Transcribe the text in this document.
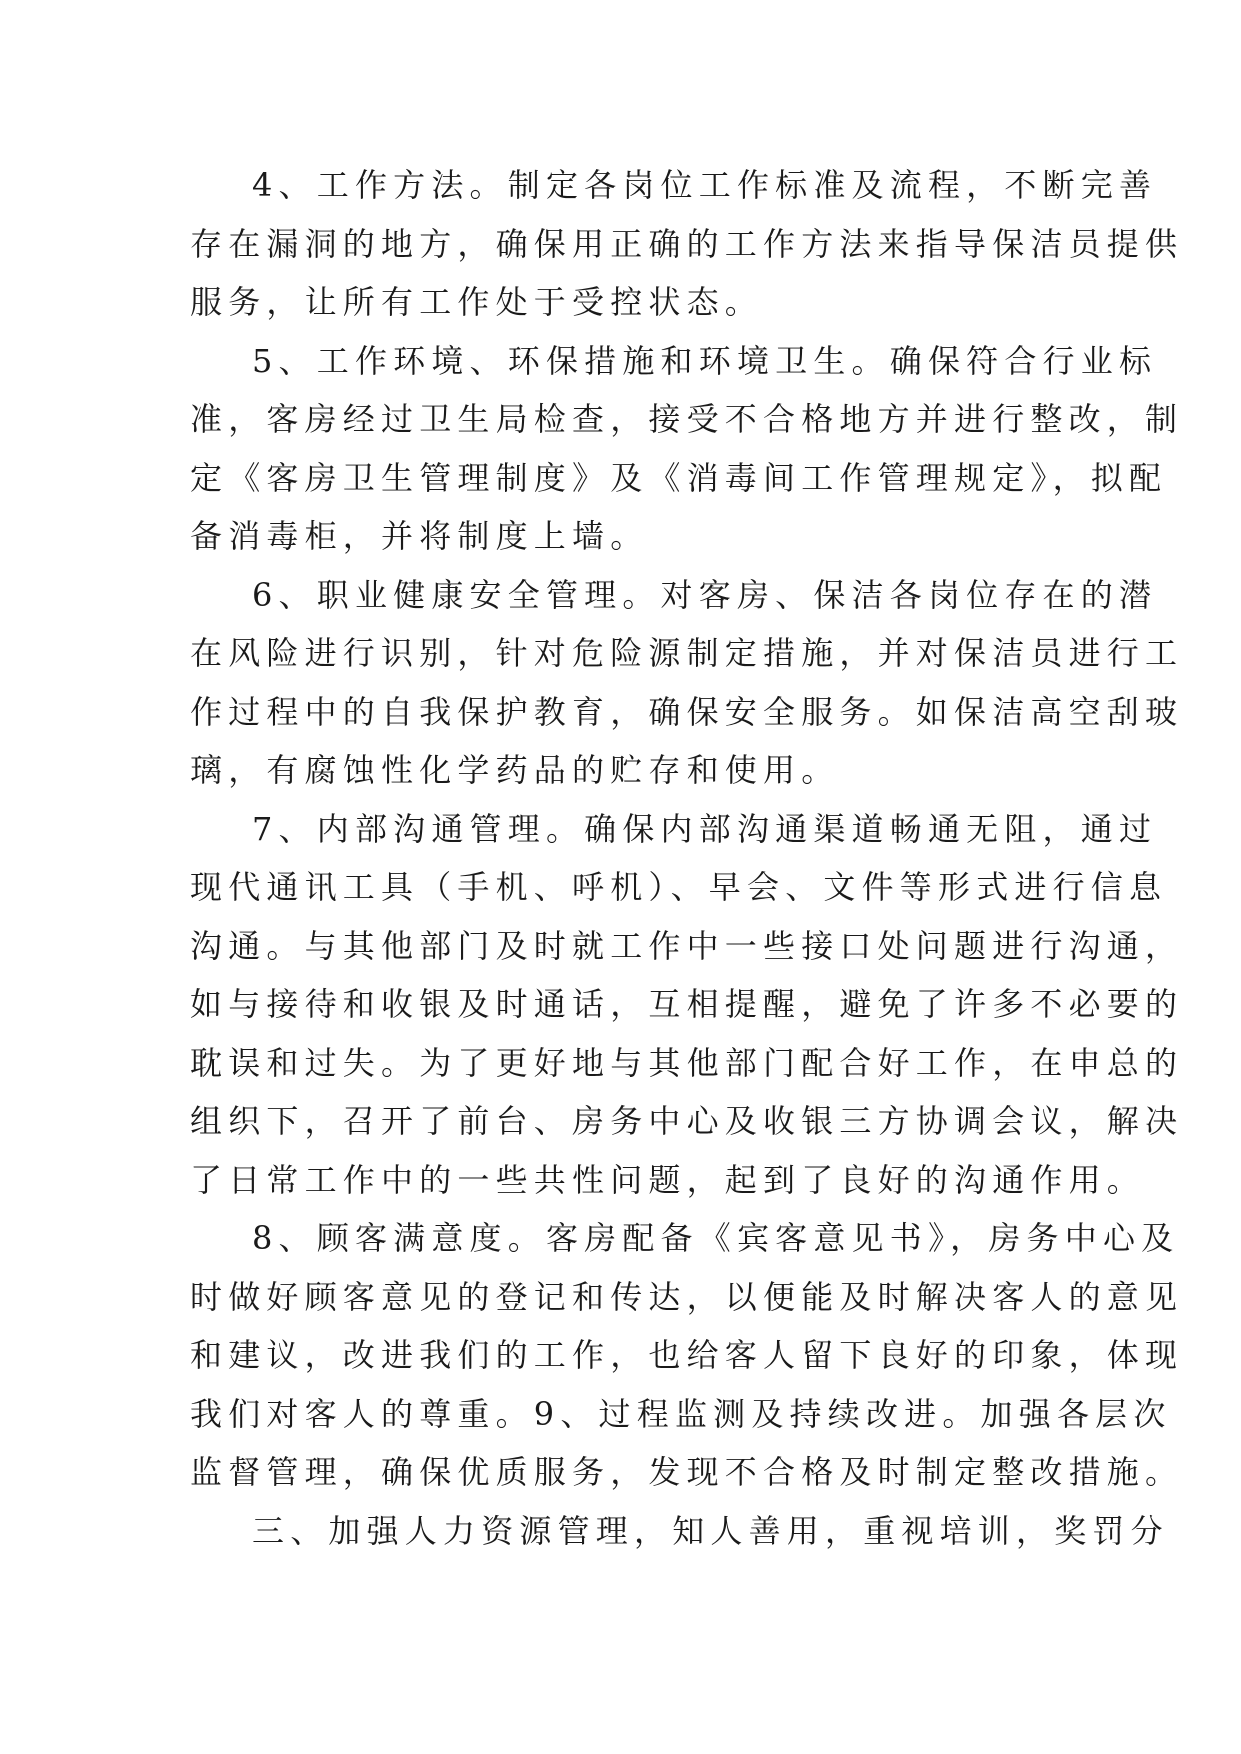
4、工作方法。制定各岗位工作标准及流程，不断完善
存在漏洞的地方，确保用正确的工作方法来指导保洁员提供
服务，让所有工作处于受控状态。

5、工作环境、环保措施和环境卫生。确保符合行业标
准，客房经过卫生局检查，接受不合格地方并进行整改，制
定《客房卫生管理制度》及《消毒间工作管理规定》，拟配
备消毒柜，并将制度上墙。

6、职业健康安全管理。对客房、保洁各岗位存在的潜
在风险进行识别，针对危险源制定措施，并对保洁员进行工
作过程中的自我保护教育，确保安全服务。如保洁高空刮玻
璃，有腐蚀性化学药品的贮存和使用。

7、内部沟通管理。确保内部沟通渠道畅通无阻，通过
现代通讯工具（手机、呼机）、早会、文件等形式进行信息
沟通。与其他部门及时就工作中一些接口处问题进行沟通，
如与接待和收银及时通话，互相提醒，避免了许多不必要的
耽误和过失。为了更好地与其他部门配合好工作，在申总的
组织下，召开了前台、房务中心及收银三方协调会议，解决
了日常工作中的一些共性问题，起到了良好的沟通作用。

8、顾客满意度。客房配备《宾客意见书》，房务中心及
时做好顾客意见的登记和传达，以便能及时解决客人的意见
和建议，改进我们的工作，也给客人留下良好的印象，体现
我们对客人的尊重。9、过程监测及持续改进。加强各层次
监督管理，确保优质服务，发现不合格及时制定整改措施。

三、加强人力资源管理，知人善用，重视培训，奖罚分
